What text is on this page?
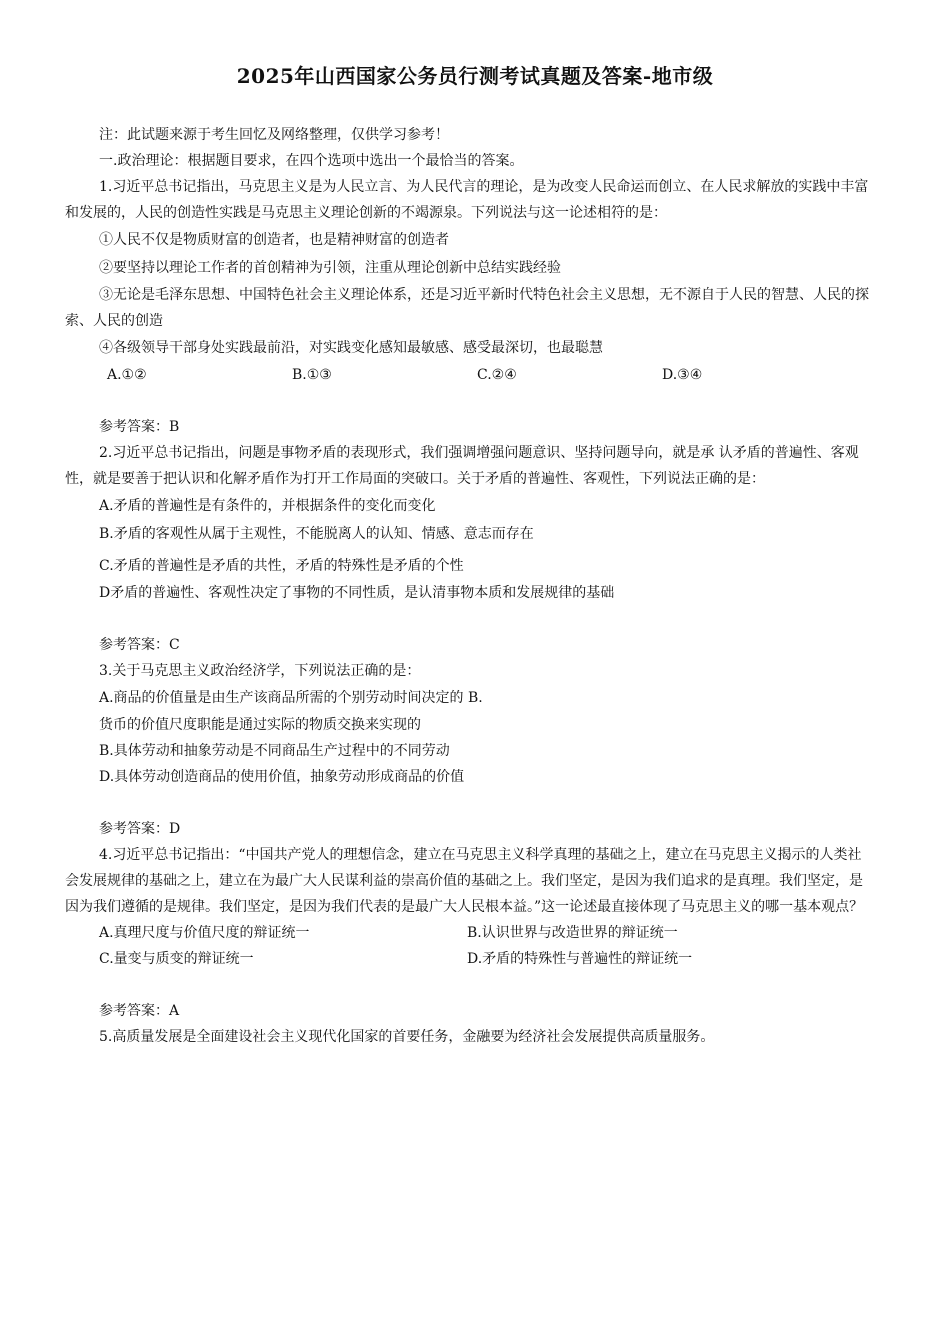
2025年山西国家公务员行测考试真题及答案-地市级

注：此试题来源于考生回忆及网络整理，仅供学习参考！

一.政治理论：根据题目要求，在四个选项中选出一个最恰当的答案。

1.习近平总书记指出，马克思主义是为人民立言、为人民代言的理论，是为改变人民命运而创立、在人民求解放的实践中丰富和发展的，人民的创造性实践是马克思主义理论创新的不竭源泉。下列说法与这一论述相符的是：

①人民不仅是物质财富的创造者，也是精神财富的创造者

②要坚持以理论工作者的首创精神为引领，注重从理论创新中总结实践经验

③无论是毛泽东思想、中国特色社会主义理论体系，还是习近平新时代特色社会主义思想，无不源自于人民的智慧、人民的探索、人民的创造

④各级领导干部身处实践最前沿，对实践变化感知最敏感、感受最深切，也最聪慧

A.①②	B.①③	C.②④	D.③④

参考答案：B

2.习近平总书记指出，问题是事物矛盾的表现形式，我们强调增强问题意识、坚持问题导向，就是承 认矛盾的普遍性、客观性，就是要善于把认识和化解矛盾作为打开工作局面的突破口。关于矛盾的普遍性、客观性，下列说法正确的是：

A.矛盾的普遍性是有条件的，并根据条件的变化而变化

B.矛盾的客观性从属于主观性，不能脱离人的认知、情感、意志而存在

C.矛盾的普遍性是矛盾的共性，矛盾的特殊性是矛盾的个性

D矛盾的普遍性、客观性决定了事物的不同性质，是认清事物本质和发展规律的基础

参考答案：C

3.关于马克思主义政治经济学，下列说法正确的是：

A.商品的价值量是由生产该商品所需的个别劳动时间决定的 B.

货币的价值尺度职能是通过实际的物质交换来实现的

B.具体劳动和抽象劳动是不同商品生产过程中的不同劳动

D.具体劳动创造商品的使用价值，抽象劳动形成商品的价值

参考答案：D

4.习近平总书记指出：“中国共产党人的理想信念，建立在马克思主义科学真理的基础之上，建立在马克思主义揭示的人类社会发展规律的基础之上，建立在为最广大人民谋利益的崇高价值的基础之上。我们坚定，是因为我们追求的是真理。我们坚定，是因为我们遵循的是规律。我们坚定，是因为我们代表的是最广大人民根本益。”这一论述最直接体现了马克思主义的哪一基本观点？

A.真理尺度与价值尺度的辩证统一	B.认识世界与改造世界的辩证统一
C.量变与质变的辩证统一	D.矛盾的特殊性与普遍性的辩证统一

参考答案：A

5.高质量发展是全面建设社会主义现代化国家的首要任务，金融要为经济社会发展提供高质量服务。
